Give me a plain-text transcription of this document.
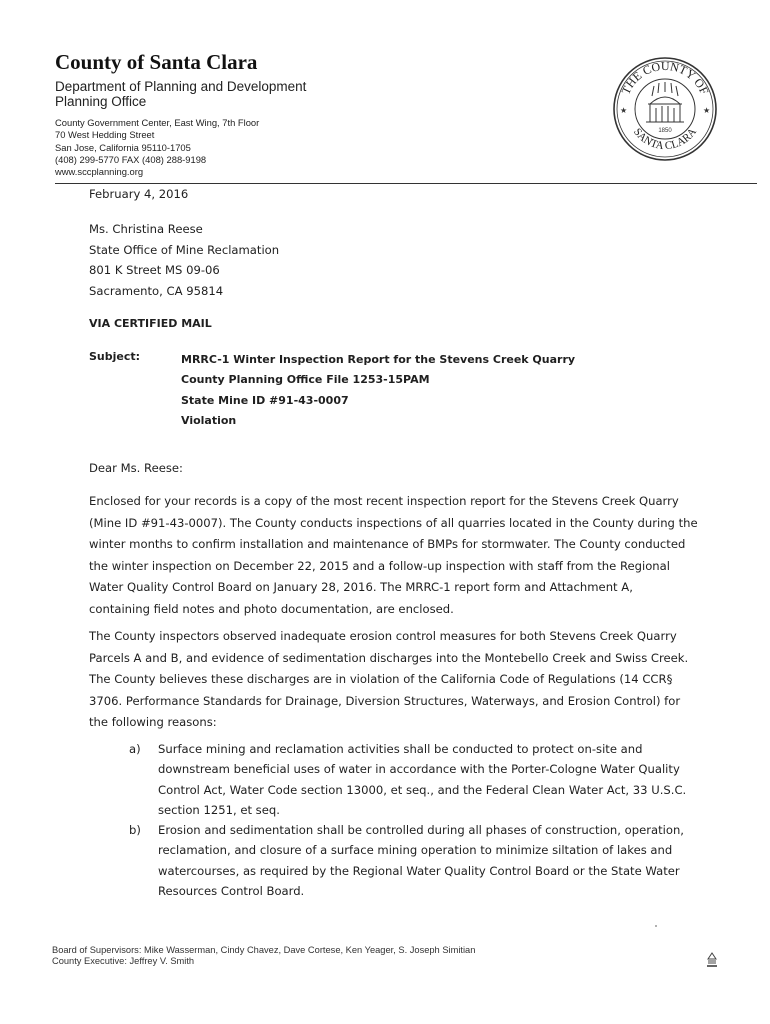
County of Santa Clara
Department of Planning and Development
Planning Office
County Government Center, East Wing, 7th Floor
70 West Hedding Street
San Jose, California 95110-1705
(408) 299-5770 FAX (408) 288-9198
www.sccplanning.org
THE COUNTY OF
SANTA CLARA
★	★
1850
February 4, 2016
Ms. Christina Reese
State Office of Mine Reclamation
801 K Street MS 09-06
Sacramento, CA 95814
VIA CERTIFIED MAIL
Subject:	MRRC-1 Winter Inspection Report for the Stevens Creek Quarry
County Planning Office File 1253-15PAM
State Mine ID #91-43-0007
Violation
Dear Ms. Reese:
Enclosed for your records is a copy of the most recent inspection report for the Stevens Creek Quarry
(Mine ID #91-43-0007). The County conducts inspections of all quarries located in the County during the
winter months to confirm installation and maintenance of BMPs for stormwater. The County conducted
the winter inspection on December 22, 2015 and a follow-up inspection with staff from the Regional
Water Quality Control Board on January 28, 2016. The MRRC-1 report form and Attachment A,
containing field notes and photo documentation, are enclosed.
The County inspectors observed inadequate erosion control measures for both Stevens Creek Quarry
Parcels A and B, and evidence of sedimentation discharges into the Montebello Creek and Swiss Creek.
The County believes these discharges are in violation of the California Code of Regulations (14 CCR§
3706. Performance Standards for Drainage, Diversion Structures, Waterways, and Erosion Control) for
the following reasons:
a) Surface mining and reclamation activities shall be conducted to protect on-site and
downstream beneficial uses of water in accordance with the Porter-Cologne Water Quality
Control Act, Water Code section 13000, et seq., and the Federal Clean Water Act, 33 U.S.C.
section 1251, et seq.
b) Erosion and sedimentation shall be controlled during all phases of construction, operation,
reclamation, and closure of a surface mining operation to minimize siltation of lakes and
watercourses, as required by the Regional Water Quality Control Board or the State Water
Resources Control Board.
Board of Supervisors: Mike Wasserman, Cindy Chavez, Dave Cortese, Ken Yeager, S. Joseph Simitian
County Executive: Jeffrey V. Smith
